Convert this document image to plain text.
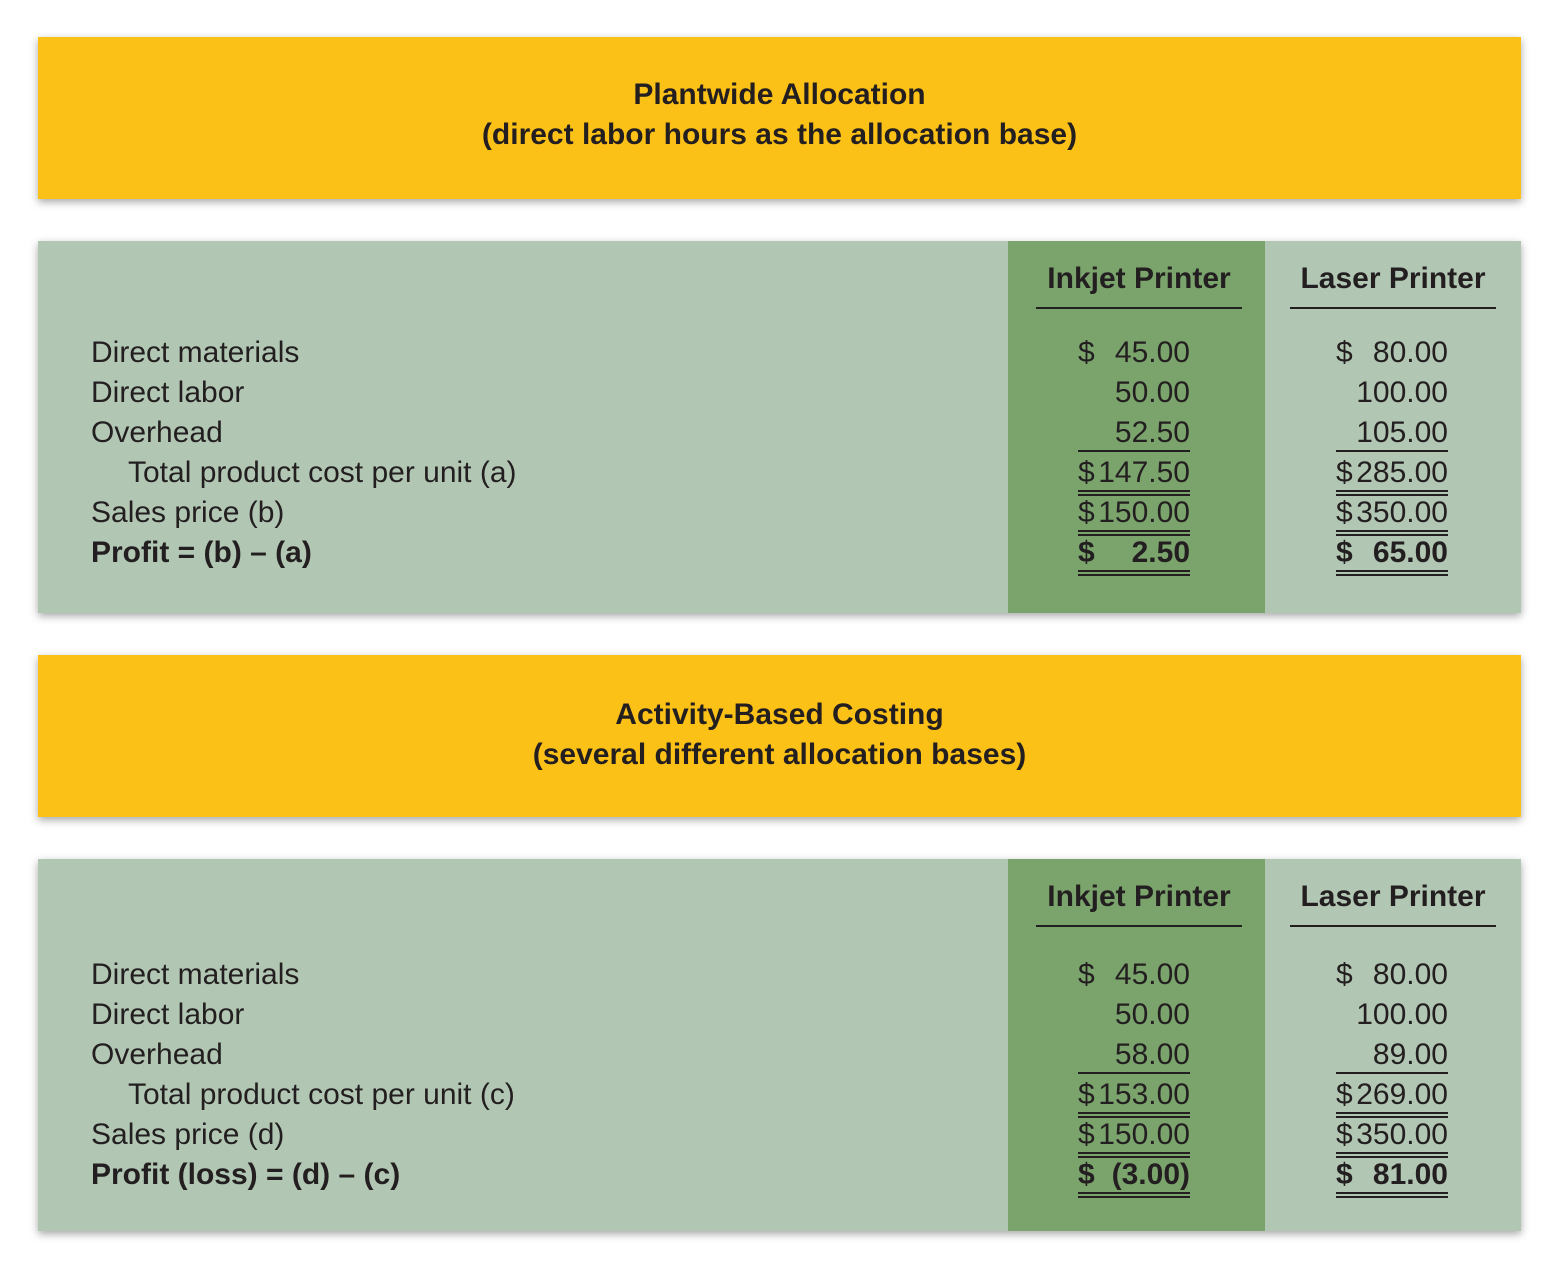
Plantwide Allocation
(direct labor hours as the allocation base)
Inkjet Printer	Laser Printer
Direct materials	$ 45.00	$ 80.00
Direct labor	50.00	100.00
Overhead	52.50	105.00
Total product cost per unit (a)	$ 147.50	$ 285.00
Sales price (b)	$ 150.00	$ 350.00
Profit = (b) – (a)	$ 2.50	$ 65.00
Activity-Based Costing
(several different allocation bases)
Inkjet Printer	Laser Printer
Direct materials	$ 45.00	$ 80.00
Direct labor	50.00	100.00
Overhead	58.00	89.00
Total product cost per unit (c)	$ 153.00	$ 269.00
Sales price (d)	$ 150.00	$ 350.00
Profit (loss) = (d) – (c)	$ (3.00)	$ 81.00
